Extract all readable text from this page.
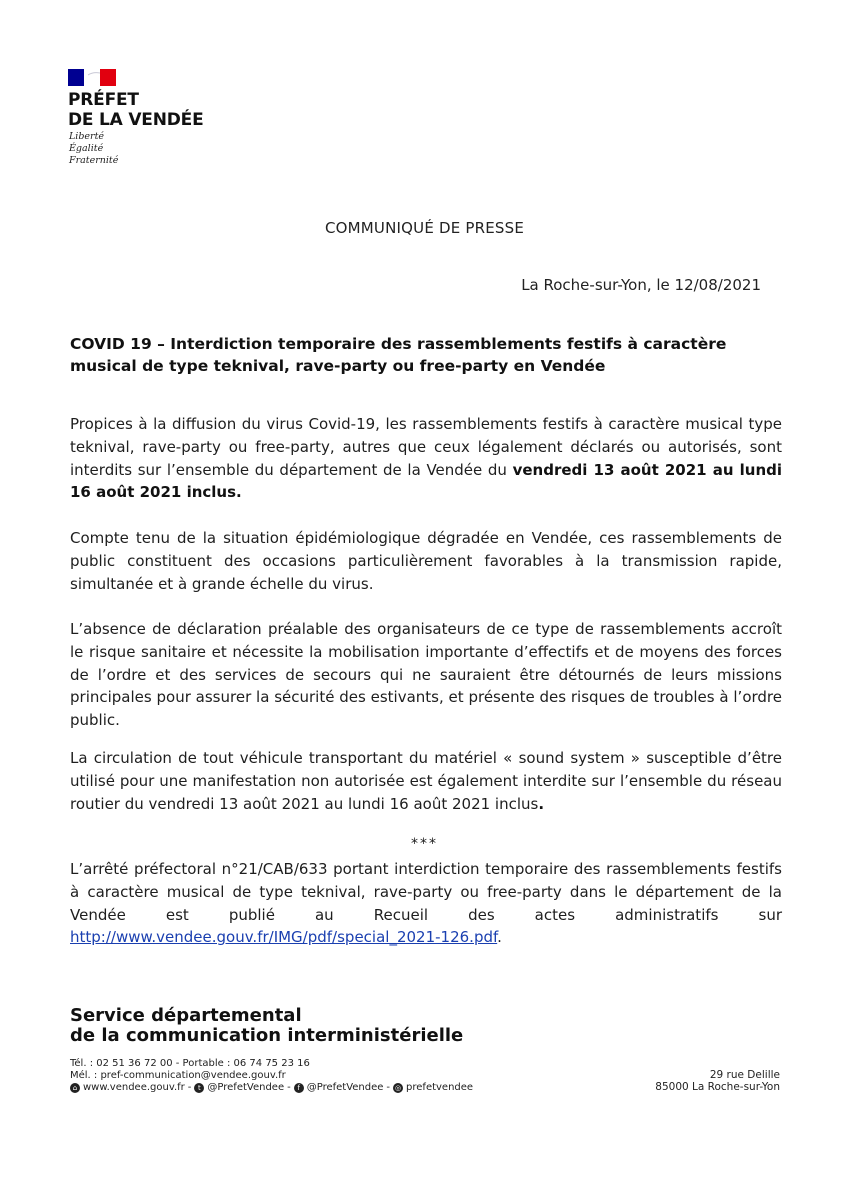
PRÉFET
DE LA VENDÉE
Liberté
Égalité
Fraternité
COMMUNIQUÉ DE PRESSE
La Roche-sur-Yon, le 12/08/2021
COVID 19 – Interdiction temporaire des rassemblements festifs à caractère musical de type teknival, rave-party ou free-party en Vendée
Propices à la diffusion du virus Covid-19, les rassemblements festifs à caractère musical type teknival, rave-party ou free-party, autres que ceux légalement déclarés ou autorisés, sont interdits sur l’ensemble du département de la Vendée du vendredi 13 août 2021 au lundi 16 août 2021 inclus.
Compte tenu de la situation épidémiologique dégradée en Vendée, ces rassemblements de public constituent des occasions particulièrement favorables à la transmission rapide, simultanée et à grande échelle du virus.
L’absence de déclaration préalable des organisateurs de ce type de rassemblements accroît le risque sanitaire et nécessite la mobilisation importante d’effectifs et de moyens des forces de l’ordre et des services de secours qui ne sauraient être détournés de leurs missions principales pour assurer la sécurité des estivants, et présente des risques de troubles à l’ordre public.
La circulation de tout véhicule transportant du matériel « sound system » susceptible d’être utilisé pour une manifestation non autorisée est également interdite sur l’ensemble du réseau routier du vendredi 13 août 2021 au lundi 16 août 2021 inclus.
***
L’arrêté préfectoral n°21/CAB/633 portant interdiction temporaire des rassemblements festifs à caractère musical de type teknival, rave-party ou free-party dans le département de la Vendée est publié au Recueil des actes administratifs sur http://www.vendee.gouv.fr/IMG/pdf/special_2021-126.pdf.
Service départemental
de la communication interministérielle
Tél. : 02 51 36 72 00 - Portable : 06 74 75 23 16
Mél. : pref-communication@vendee.gouv.fr
⌂ www.vendee.gouv.fr - t @PrefetVendee - f @PrefetVendee - ◎ prefetvendee
29 rue Delille
85000 La Roche-sur-Yon
